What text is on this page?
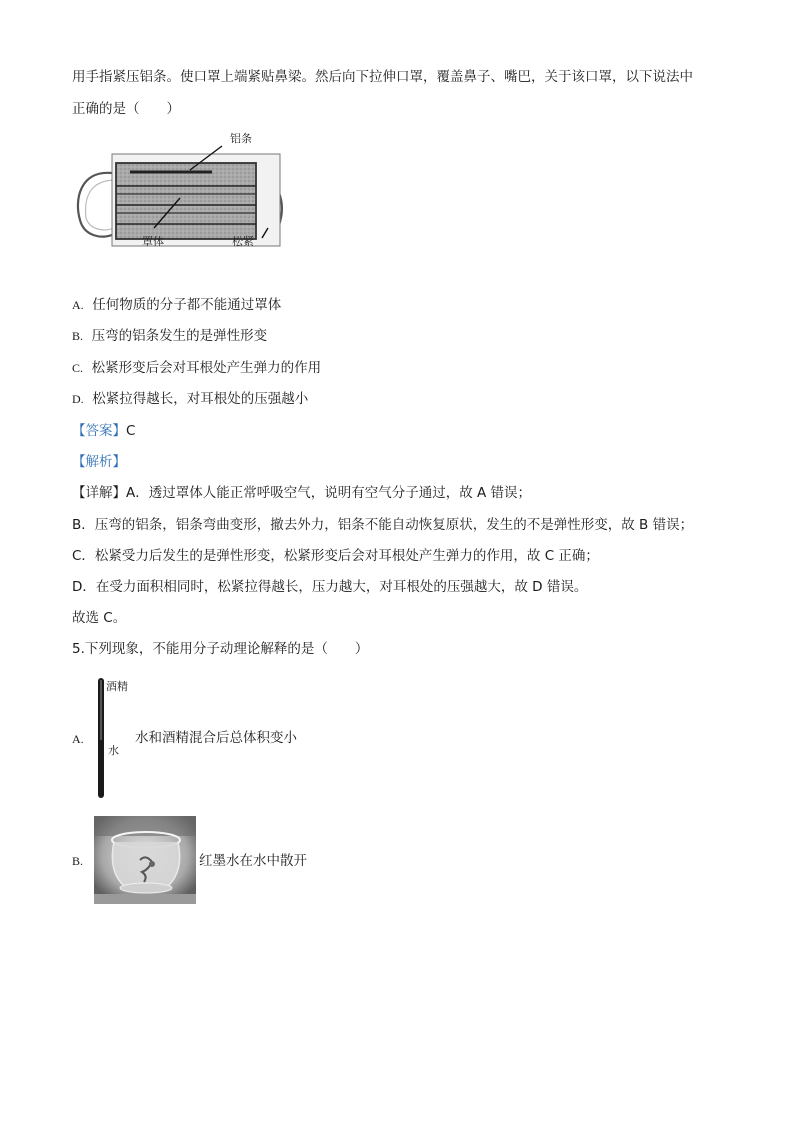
用手指紧压铝条。使口罩上端紧贴鼻梁。然后向下拉伸口罩，覆盖鼻子、嘴巴，关于该口罩，以下说法中
正确的是（　　）
铝条
罩体	松紧
A. 任何物质的分子都不能通过罩体
B. 压弯的铝条发生的是弹性形变
C. 松紧形变后会对耳根处产生弹力的作用
D. 松紧拉得越长，对耳根处的压强越小
【答案】C
【解析】
【详解】A．透过罩体人能正常呼吸空气，说明有空气分子通过，故 A 错误；
B．压弯的铝条，铝条弯曲变形，撤去外力，铝条不能自动恢复原状，发生的不是弹性形变，故 B 错误；
C．松紧受力后发生的是弹性形变，松紧形变后会对耳根处产生弹力的作用，故 C 正确；
D．在受力面积相同时，松紧拉得越长，压力越大，对耳根处的压强越大，故 D 错误。
故选 C。
5.下列现象，不能用分子动理论解释的是（　　）
A.
酒精
水
水和酒精混合后总体积变小
B.	红墨水在水中散开
